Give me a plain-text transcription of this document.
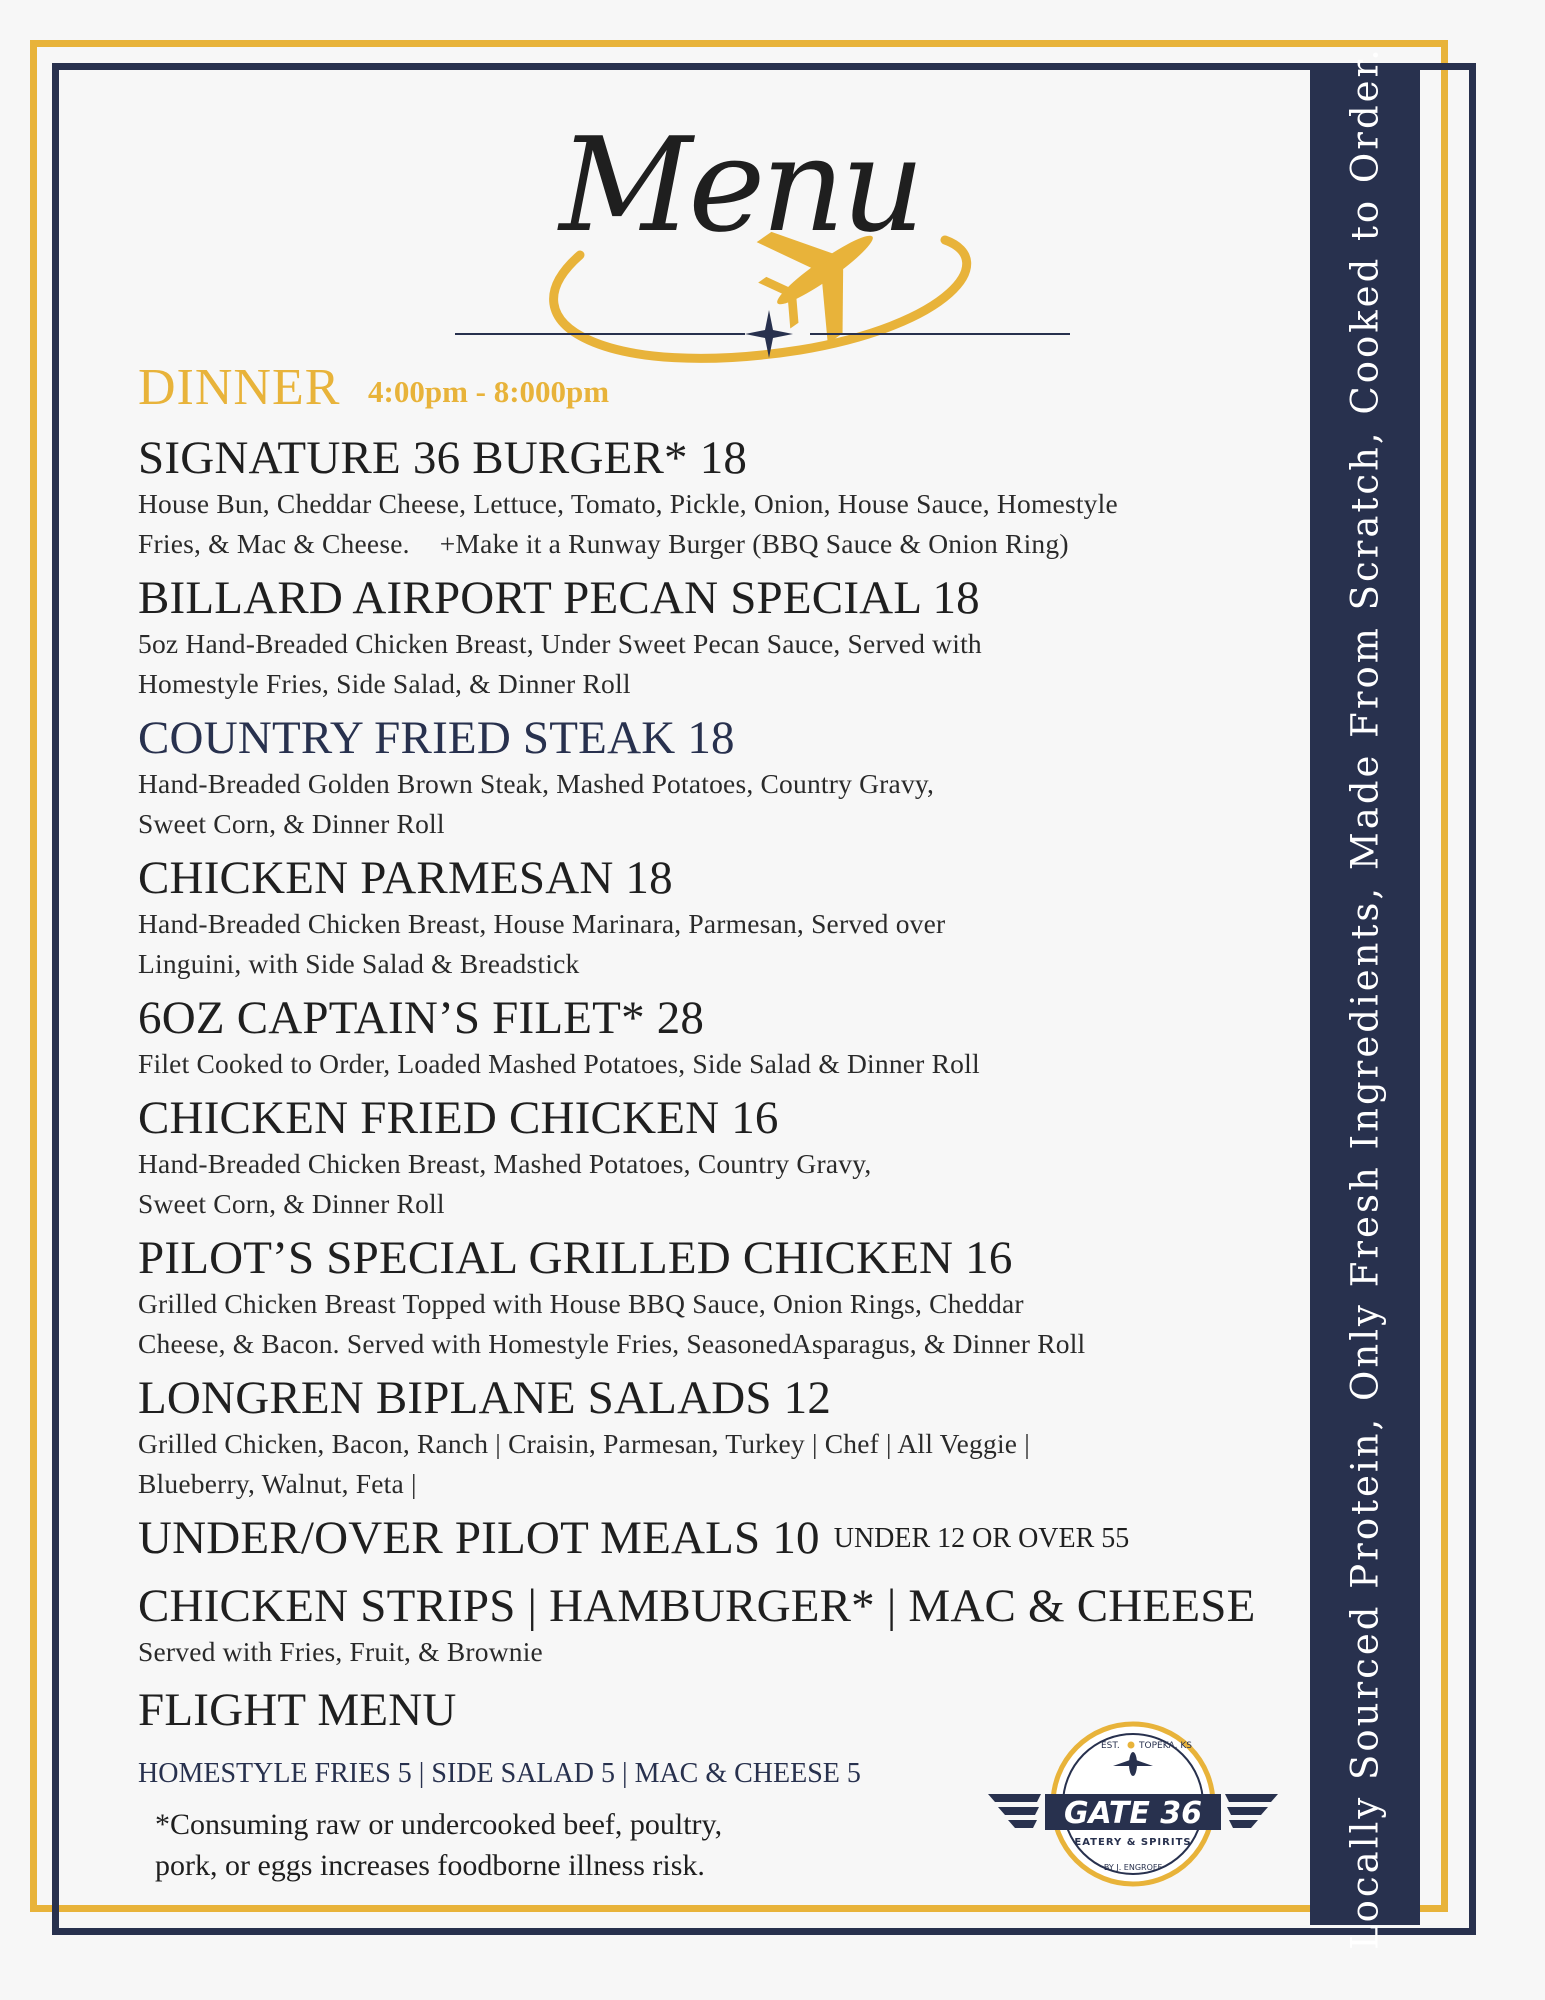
Locally Sourced Protein, Only Fresh Ingredients, Made From Scratch, Cooked to Order.
Menu
DINNER 4:00pm - 8:000pm
SIGNATURE 36 BURGER* 18
House Bun, Cheddar Cheese, Lettuce, Tomato, Pickle, Onion, House Sauce, Homestyle
Fries, & Mac & Cheese. +Make it a Runway Burger (BBQ Sauce & Onion Ring)
BILLARD AIRPORT PECAN SPECIAL 18
5oz Hand-Breaded Chicken Breast, Under Sweet Pecan Sauce, Served with
Homestyle Fries, Side Salad, & Dinner Roll
COUNTRY FRIED STEAK 18
Hand-Breaded Golden Brown Steak, Mashed Potatoes, Country Gravy,
Sweet Corn, & Dinner Roll
CHICKEN PARMESAN 18
Hand-Breaded Chicken Breast, House Marinara, Parmesan, Served over
Linguini, with Side Salad & Breadstick
6OZ CAPTAIN’S FILET* 28
Filet Cooked to Order, Loaded Mashed Potatoes, Side Salad & Dinner Roll
CHICKEN FRIED CHICKEN 16
Hand-Breaded Chicken Breast, Mashed Potatoes, Country Gravy,
Sweet Corn, & Dinner Roll
PILOT’S SPECIAL GRILLED CHICKEN 16
Grilled Chicken Breast Topped with House BBQ Sauce, Onion Rings, Cheddar
Cheese, & Bacon. Served with Homestyle Fries, SeasonedAsparagus, & Dinner Roll
LONGREN BIPLANE SALADS 12
Grilled Chicken, Bacon, Ranch | Craisin, Parmesan, Turkey | Chef | All Veggie |
Blueberry, Walnut, Feta |
UNDER/OVER PILOT MEALS 10 UNDER 12 OR OVER 55
CHICKEN STRIPS | HAMBURGER* | MAC & CHEESE
Served with Fries, Fruit, & Brownie
FLIGHT MENU
HOMESTYLE FRIES 5 | SIDE SALAD 5 | MAC & CHEESE 5
*Consuming raw or undercooked beef, poultry,
pork, or eggs increases foodborne illness risk.
GATE 36
EATERY & SPIRITS
EST. TOPEKA, KS
BY J. ENGROFF
